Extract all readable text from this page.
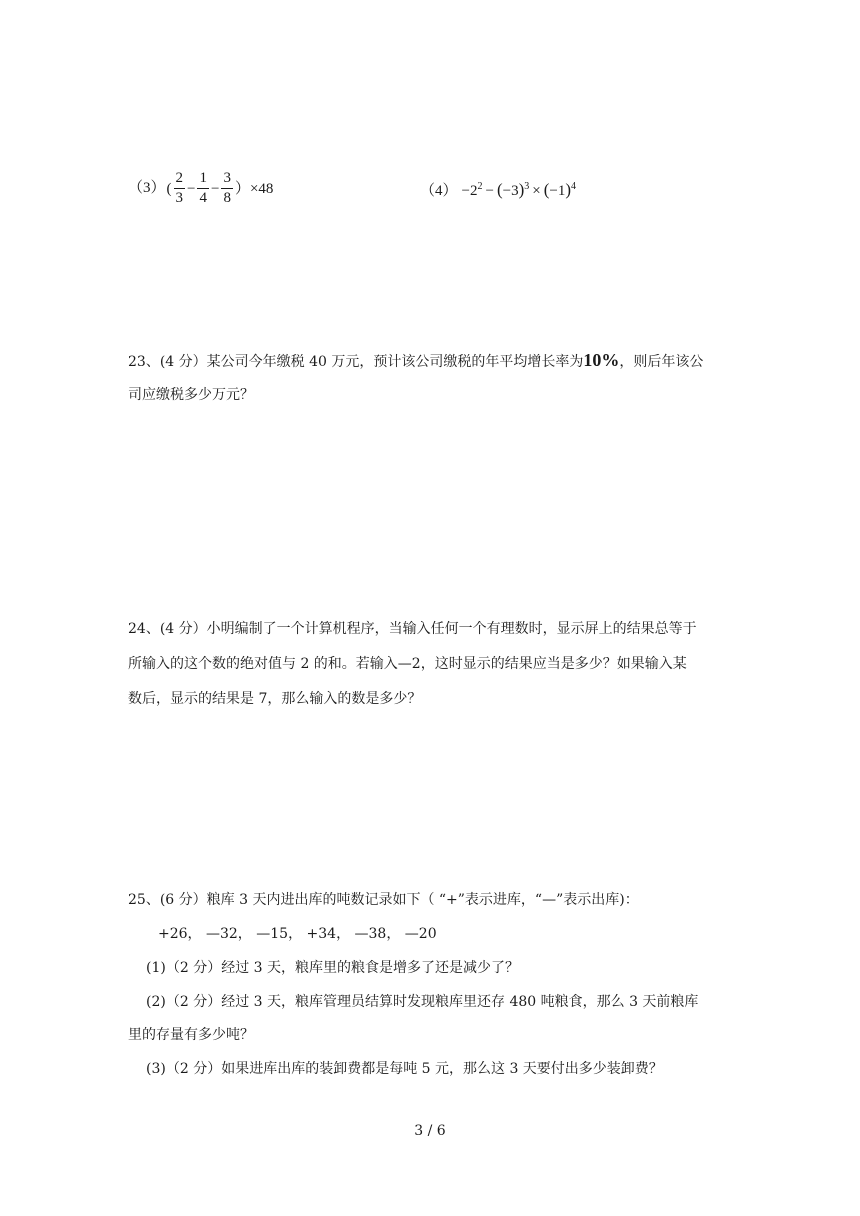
$(3)( \frac{2}{3} - \frac{1}{4} - \frac{3}{8} )\times 48$	$(4) -2^2 - (-3)^3 \times (-1)^4$
23、(4 分）某公司今年缴税 40 万元，预计该公司缴税的年平均增长率为10%，则后年该公
司应缴税多少万元？
24、(4 分）小明编制了一个计算机程序，当输入任何一个有理数时，显示屏上的结果总等于
所输入的这个数的绝对值与 2 的和。若输入—2，这时显示的结果应当是多少？如果输入某
数后，显示的结果是 7，那么输入的数是多少？
25、(6 分）粮库 3 天内进出库的吨数记录如下（ “+”表示进库，“—”表示出库)：
+26， —32， —15， +34， —38， —20
(1)（2 分）经过 3 天，粮库里的粮食是增多了还是减少了？
(2)（2 分）经过 3 天，粮库管理员结算时发现粮库里还存 480 吨粮食，那么 3 天前粮库
里的存量有多少吨？
(3)（2 分）如果进库出库的装卸费都是每吨 5 元，那么这 3 天要付出多少装卸费？
3 / 6
